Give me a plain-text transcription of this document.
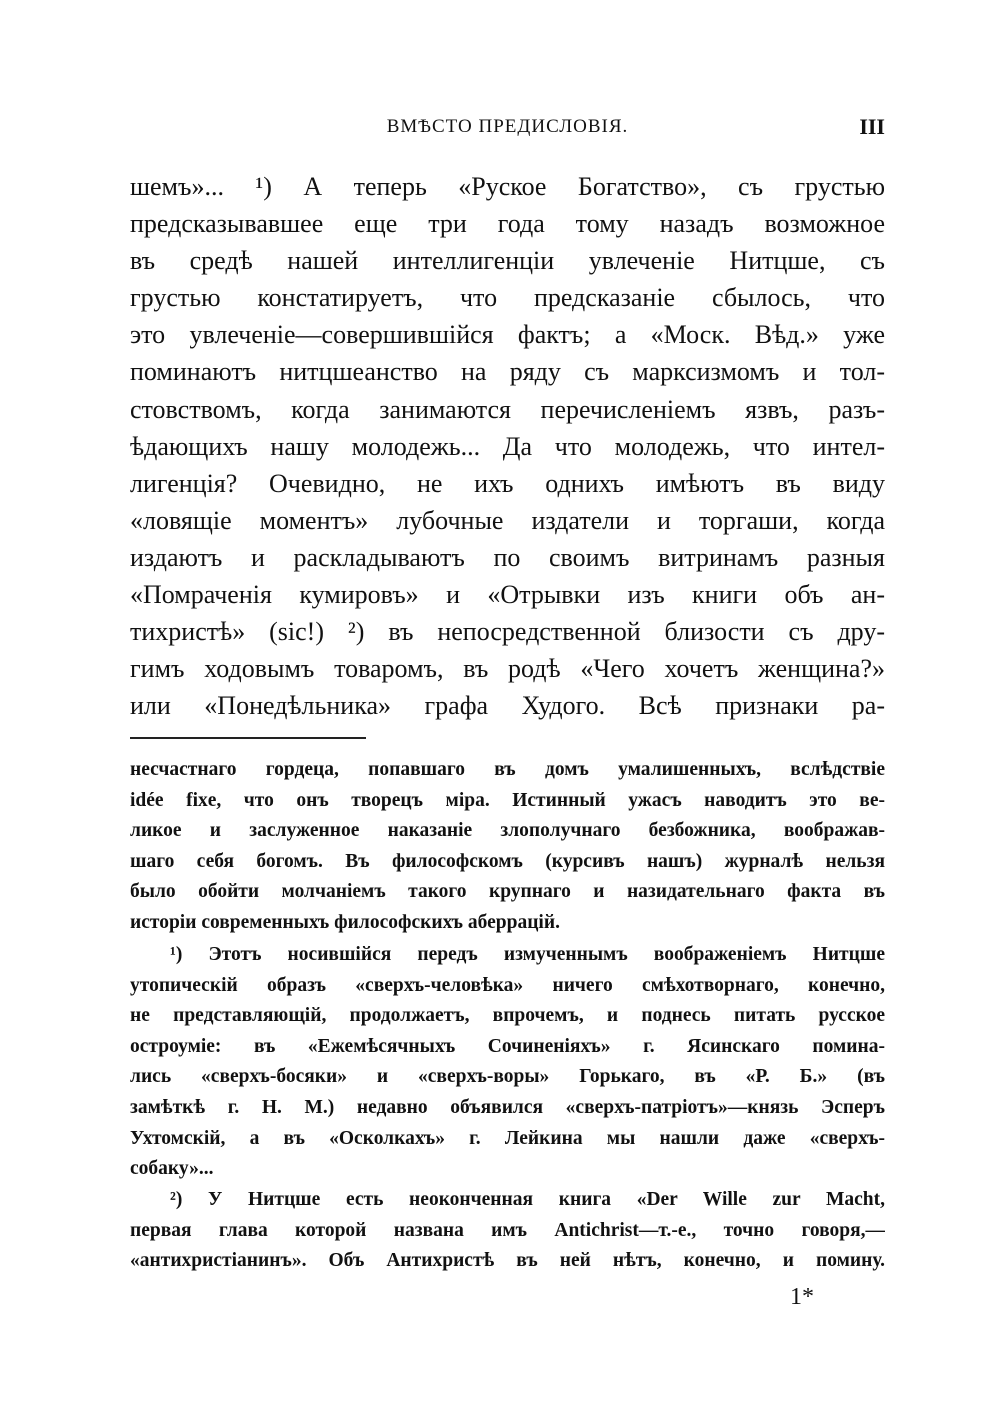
ВМѢСТО ПРЕДИСЛОВІЯ.	III
шемъ»... ¹) А теперь «Руское Богатство», съ грустью
предсказывавшее еще три года тому назадъ возможное
въ средѣ нашей интеллигенціи увлеченіе Нитцше, съ
грустью констатируетъ, что предсказаніе сбылось, что
это увлеченіе—совершившійся фактъ; а «Моск. Вѣд.» уже
поминаютъ нитцшеанство на ряду съ марксизмомъ и тол-
стовствомъ, когда занимаются перечисленіемъ язвъ, разъ-
ѣдающихъ нашу молодежь... Да что молодежь, что интел-
лигенція? Очевидно, не ихъ однихъ имѣютъ въ виду
«ловящіе моментъ» лубочные издатели и торгаши, когда
издаютъ и раскладываютъ по своимъ витринамъ разныя
«Помраченія кумировъ» и «Отрывки изъ книги объ ан-
тихристѣ» (sic!) ²) въ непосредственной близости съ дру-
гимъ ходовымъ товаромъ, въ родѣ «Чего хочетъ женщина?»
или «Понедѣльника» графа Худого. Всѣ признаки ра-
несчастнаго гордеца, попавшаго въ домъ умалишенныхъ, вслѣдствіе
idée fixe, что онъ творецъ міра. Истинный ужасъ наводитъ это ве-
ликое и заслуженное наказаніе злополучнаго безбожника, воображав-
шаго себя богомъ. Въ философскомъ (курсивъ нашъ) журналѣ нельзя
было обойти молчаніемъ такого крупнаго и назидательнаго факта въ
исторіи современныхъ философскихъ аберрацій.
¹) Этотъ носившійся передъ измученнымъ воображеніемъ Нитцше
утопическій образъ «сверхъ-человѣка» ничего смѣхотворнаго, конечно,
не представляющій, продолжаетъ, впрочемъ, и поднесь питать русское
остроуміе: въ «Ежемѣсячныхъ Сочиненіяхъ» г. Ясинскаго помина-
лись «сверхъ-босяки» и «сверхъ-воры» Горькаго, въ «Р. Б.» (въ
замѣткѣ г. Н. М.) недавно объявился «сверхъ-патріотъ»—князь Эсперъ
Ухтомскій, а въ «Осколкахъ» г. Лейкина мы нашли даже «сверхъ-
собаку»...
²) У Нитцше есть неоконченная книга «Der Wille zur Macht,
первая глава которой названа имъ Antichrist—т.-е., точно говоря,—
«антихристіанинъ». Объ Антихристѣ въ ней нѣтъ, конечно, и помину.
1*
